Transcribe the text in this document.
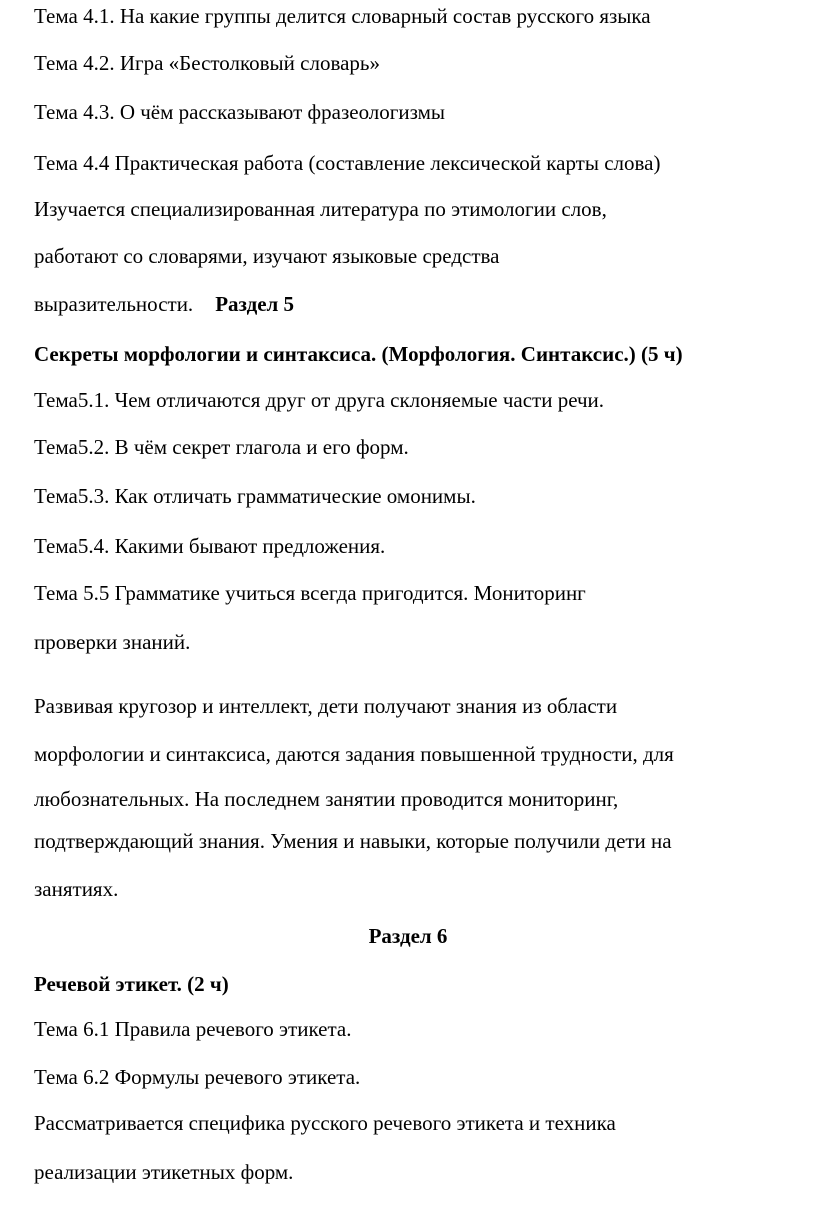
Тема 4.1. На какие группы делится словарный состав русского языка
Тема 4.2. Игра «Бестолковый словарь»
Тема 4.3. О чём рассказывают фразеологизмы
Тема 4.4 Практическая работа (составление лексической карты слова)
Изучается специализированная литература по этимологии слов,
работают со словарями, изучают языковые средства
выразительности. Раздел 5
Секреты морфологии и синтаксиса. (Морфология. Синтаксис.) (5 ч)
Тема5.1. Чем отличаются друг от друга склоняемые части речи.
Тема5.2. В чём секрет глагола и его форм.
Тема5.3. Как отличать грамматические омонимы.
Тема5.4. Какими бывают предложения.
Тема 5.5 Грамматике учиться всегда пригодится. Мониторинг
проверки знаний.
Развивая кругозор и интеллект, дети получают знания из области
морфологии и синтаксиса, даются задания повышенной трудности, для
любознательных. На последнем занятии проводится мониторинг,
подтверждающий знания. Умения и навыки, которые получили дети на
занятиях.
Раздел 6
Речевой этикет. (2 ч)
Тема 6.1 Правила речевого этикета.
Тема 6.2 Формулы речевого этикета.
Рассматривается специфика русского речевого этикета и техника
реализации этикетных форм.
